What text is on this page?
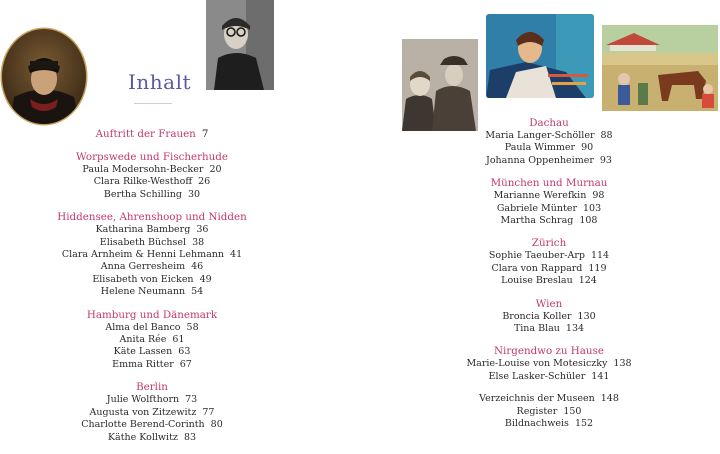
Inhalt
Auftritt der Frauen 7
Worpswede und Fischerhude
Paula Modersohn-Becker 20
Clara Rilke-Westhoff 26
Bertha Schilling 30
Hiddensee, Ahrenshoop und Nidden
Katharina Bamberg 36
Elisabeth Büchsel 38
Clara Arnheim & Henni Lehmann 41
Anna Gerresheim 46
Elisabeth von Eicken 49
Helene Neumann 54
Hamburg und Dänemark
Alma del Banco 58
Anita Rée 61
Käte Lassen 63
Emma Ritter 67
Berlin
Julie Wolfthorn 73
Augusta von Zitzewitz 77
Charlotte Berend-Corinth 80
Käthe Kollwitz 83
Dachau
Maria Langer-Schöller 88
Paula Wimmer 90
Johanna Oppenheimer 93
München und Murnau
Marianne Werefkin 98
Gabriele Münter 103
Martha Schrag 108
Zürich
Sophie Taeuber-Arp 114
Clara von Rappard 119
Louise Breslau 124
Wien
Broncia Koller 130
Tina Blau 134
Nirgendwo zu Hause
Marie-Louise von Motesiczky 138
Else Lasker-Schüler 141
Verzeichnis der Museen 148
Register 150
Bildnachweis 152
